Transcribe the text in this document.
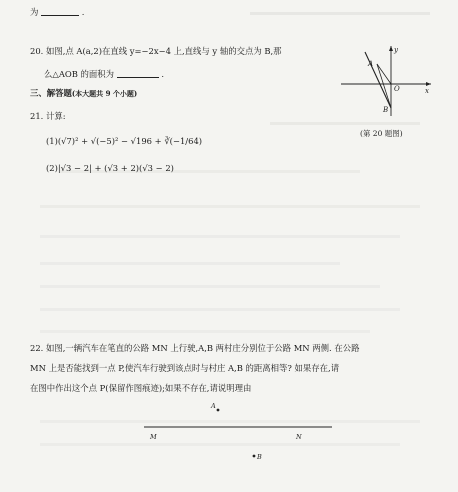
为	.
20. 如图,点 A(a,2)在直线 y=−2x−4 上,直线与 y 轴的交点为 B,那
么△AOB 的面积为	.
三、解答题(本大题共 9 个小题)
21. 计算:
(1)(√7)² + √(−5)² − √196 + ∛(−1/64)
(2)|√3 − 2| + (√3 + 2)(√3 − 2)
y
x
A
O
B
(第 20 题图)
22. 如图,一辆汽车在笔直的公路 MN 上行驶,A,B 两村庄分别位于公路 MN 两侧. 在公路
MN 上是否能找到一点 P,使汽车行驶到该点时与村庄 A,B 的距离相等? 如果存在,请
在图中作出这个点 P(保留作图痕迹);如果不存在,请说明理由
A
B
M	N
